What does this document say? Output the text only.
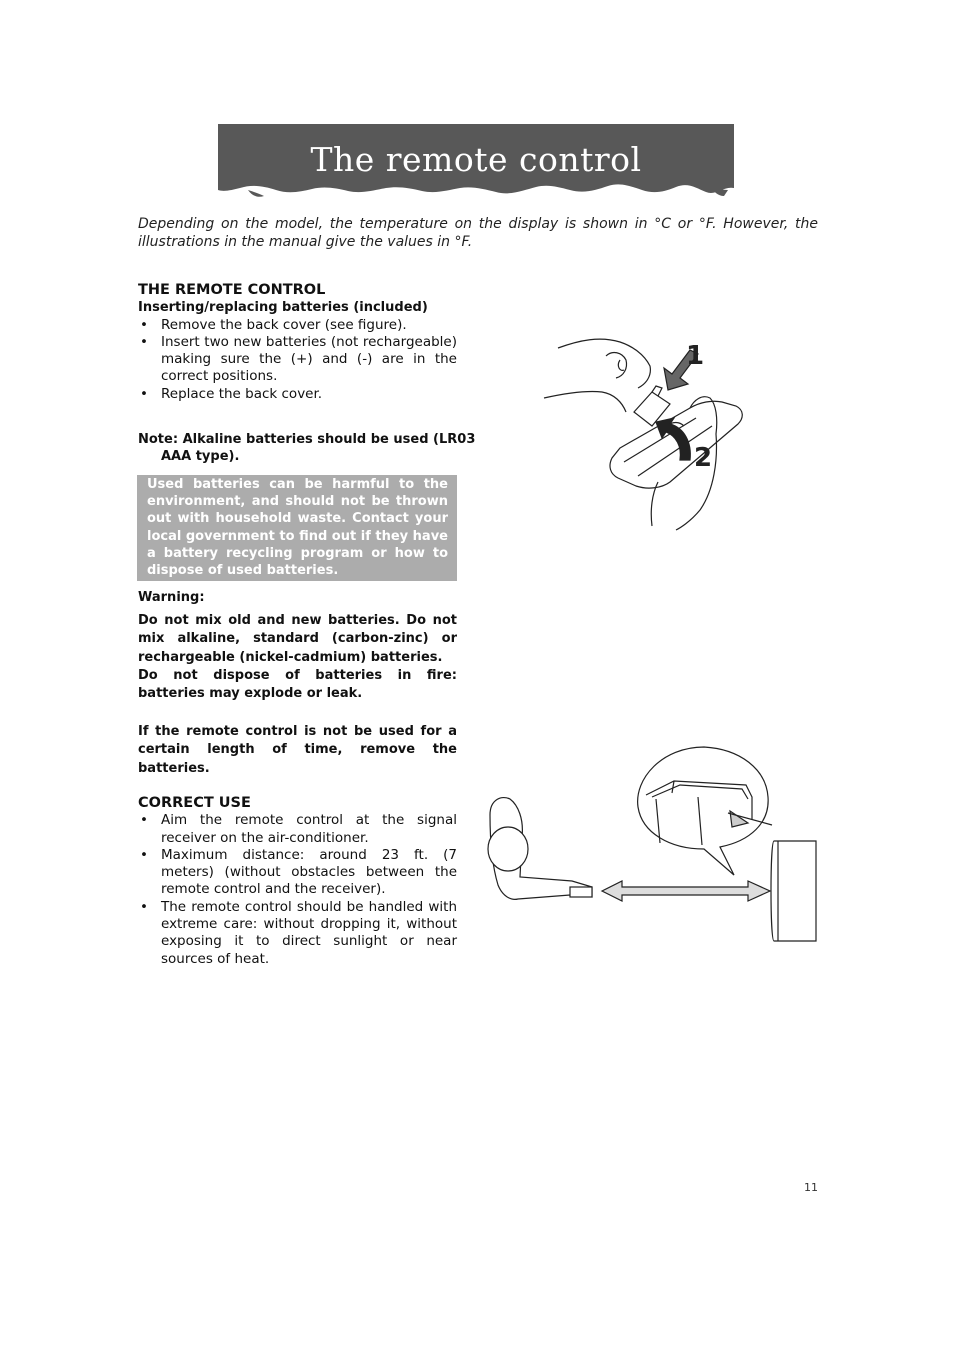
The remote control
Depending on the model, the temperature on the display is shown in °C or °F. However, the illustrations in the manual give the values in °F.
THE REMOTE CONTROL
Inserting/replacing batteries (included)
• Remove the back cover (see figure).
• Insert two new batteries (not rechargeable) making sure the (+) and (-) are in the correct positions.
• Replace the back cover.
Note: Alkaline batteries should be used (LR03 AAA type).
Used batteries can be harmful to the environment, and should not be thrown out with household waste. Contact your local government to find out if they have a battery recycling program or how to dispose of used batteries.
Warning:
Do not mix old and new batteries. Do not mix alkaline, standard (carbon-zinc) or rechargeable (nickel-cadmium) batteries.
Do not dispose of batteries in fire: batteries may explode or leak.
If the remote control is not be used for a certain length of time, remove the batteries.
CORRECT USE
• Aim the remote control at the signal receiver on the air-conditioner.
• Maximum distance: around 23 ft. (7 meters) (without obstacles between the remote control and the receiver).
• The remote control should be handled with extreme care: without dropping it, without exposing it to direct sunlight or near sources of heat.
1
2
11
